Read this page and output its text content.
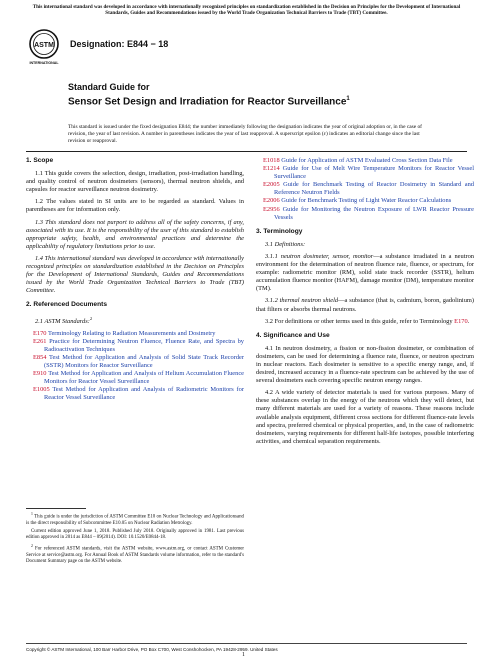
This international standard was developed in accordance with internationally recognized principles on standardization established in the Decision on Principles for the Development of International Standards, Guides and Recommendations issued by the World Trade Organization Technical Barriers to Trade (TBT) Committee.
ASTM
INTERNATIONAL
Designation: E844 − 18
Standard Guide for
Sensor Set Design and Irradiation for Reactor Surveillance$^1$
This standard is issued under the fixed designation E844; the number immediately following the designation indicates the year of original adoption or, in the case of revision, the year of last revision. A number in parentheses indicates the year of last reapproval. A superscript epsilon (ε) indicates an editorial change since the last revision or reapproval.
1. Scope

1.1 This guide covers the selection, design, irradiation, post-irradiation handling, and quality control of neutron dosimeters (sensors), thermal neutron shields, and capsules for reactor surveillance neutron dosimetry.

1.2 The values stated in SI units are to be regarded as standard. Values in parentheses are for information only.

1.3 This standard does not purport to address all of the safety concerns, if any, associated with its use. It is the responsibility of the user of this standard to establish appropriate safety, health, and environmental practices and determine the applicability of regulatory limitations prior to use.

1.4 This international standard was developed in accordance with internationally recognized principles on standardization established in the Decision on Principles for the Development of International Standards, Guides and Recommendations issued by the World Trade Organization Technical Barriers to Trade (TBT) Committee.

2. Referenced Documents

2.1 ASTM Standards:$^2$

E170 Terminology Relating to Radiation Measurements and Dosimetry
E261 Practice for Determining Neutron Fluence, Fluence Rate, and Spectra by Radioactivation Techniques
E854 Test Method for Application and Analysis of Solid State Track Recorder (SSTR) Monitors for Reactor Surveillance
E910 Test Method for Application and Analysis of Helium Accumulation Fluence Monitors for Reactor Vessel Surveillance
E1005 Test Method for Application and Analysis of Radiometric Monitors for Reactor Vessel Surveillance

$^1$ This guide is under the jurisdiction of ASTM Committee E10 on Nuclear Technology and Applicationsand is the direct responsibility of Subcommittee E10.05 on Nuclear Radiation Metrology.

Current edition approved June 1, 2018. Published July 2018. Originally approved in 1981. Last previous edition approved in 2014 as E844 – 09(2014). DOI: 10.1520/E0844-18.

$^2$ For referenced ASTM standards, visit the ASTM website, www.astm.org, or contact ASTM Customer Service at service@astm.org. For Annual Book of ASTM Standards volume information, refer to the standard's Document Summary page on the ASTM website.

E1018 Guide for Application of ASTM Evaluated Cross Section Data File
E1214 Guide for Use of Melt Wire Temperature Monitors for Reactor Vessel Surveillance
E2005 Guide for Benchmark Testing of Reactor Dosimetry in Standard and Reference Neutron Fields
E2006 Guide for Benchmark Testing of Light Water Reactor Calculations
E2956 Guide for Monitoring the Neutron Exposure of LWR Reactor Pressure Vessels
3. Terminology

3.1 Definitions:

3.1.1 neutron dosimeter, sensor, monitor—a substance irradiated in a neutron environment for the determination of neutron fluence rate, fluence, or spectrum, for example: radiometric monitor (RM), solid state track recorder (SSTR), helium accumulation fluence monitor (HAFM), damage monitor (DM), temperature monitor (TM).

3.1.2 thermal neutron shield—a substance (that is, cadmium, boron, gadolinium) that filters or absorbs thermal neutrons.

3.2 For definitions or other terms used in this guide, refer to Terminology E170.

4. Significance and Use

4.1 In neutron dosimetry, a fission or non-fission dosimeter, or combination of dosimeters, can be used for determining a fluence rate, fluence, or neutron spectrum in nuclear reactors. Each dosimeter is sensitive to a specific energy range, and, if desired, increased accuracy in a fluence-rate spectrum can be achieved by the use of several dosimeters each covering specific neutron energy ranges.

4.2 A wide variety of detector materials is used for various purposes. Many of these substances overlap in the energy of the neutrons which they will detect, but many different materials are used for a variety of reasons. These reasons include available analysis equipment, different cross sections for different fluence-rate levels and spectra, preferred chemical or physical properties, and, in the case of radiometric dosimeters, varying requirements for different half-life isotopes, possible interfering activities, and chemical separation requirements.

Copyright © ASTM International, 100 Barr Harbor Drive, PO Box C700, West Conshohocken, PA 19428-2959. United States
1
